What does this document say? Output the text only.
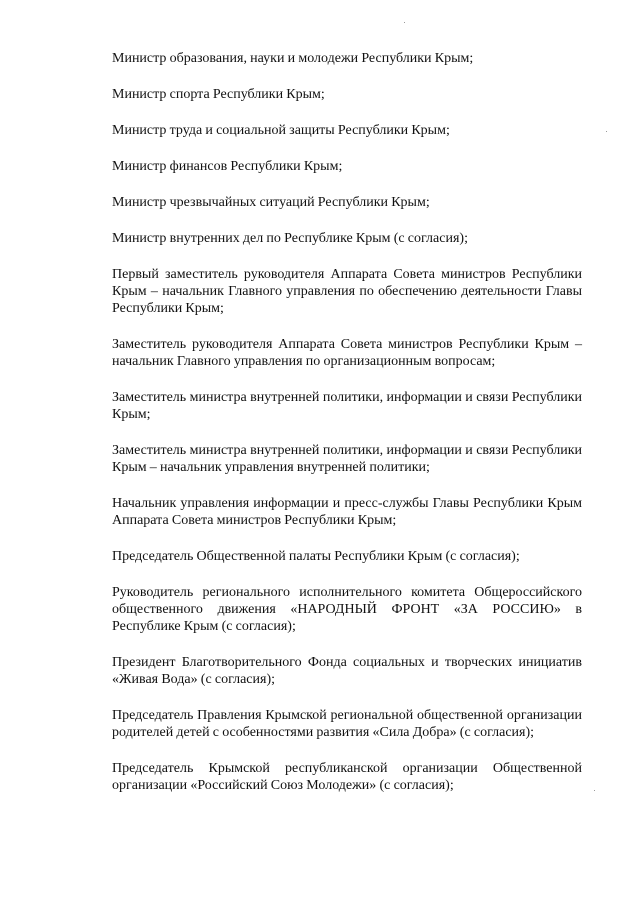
Министр образования, науки и молодежи Республики Крым;

Министр спорта Республики Крым;

Министр труда и социальной защиты Республики Крым;

Министр финансов Республики Крым;

Министр чрезвычайных ситуаций Республики Крым;

Министр внутренних дел по Республике Крым (с согласия);

Первый заместитель руководителя Аппарата Совета министров Республики Крым – начальник Главного управления по обеспечению деятельности Главы Республики Крым;

Заместитель руководителя Аппарата Совета министров Республики Крым – начальник Главного управления по организационным вопросам;

Заместитель министра внутренней политики, информации и связи Республики Крым;

Заместитель министра внутренней политики, информации и связи Республики Крым – начальник управления внутренней политики;

Начальник управления информации и пресс-службы Главы Республики Крым Аппарата Совета министров Республики Крым;

Председатель Общественной палаты Республики Крым (с согласия);

Руководитель регионального исполнительного комитета Общероссийского общественного движения «НАРОДНЫЙ ФРОНТ «ЗА РОССИЮ» в Республике Крым (с согласия);

Президент Благотворительного Фонда социальных и творческих инициатив «Живая Вода» (с согласия);

Председатель Правления Крымской региональной общественной организации родителей детей с особенностями развития «Сила Добра» (с согласия);

Председатель Крымской республиканской организации Общественной организации «Российский Союз Молодежи» (с согласия);
